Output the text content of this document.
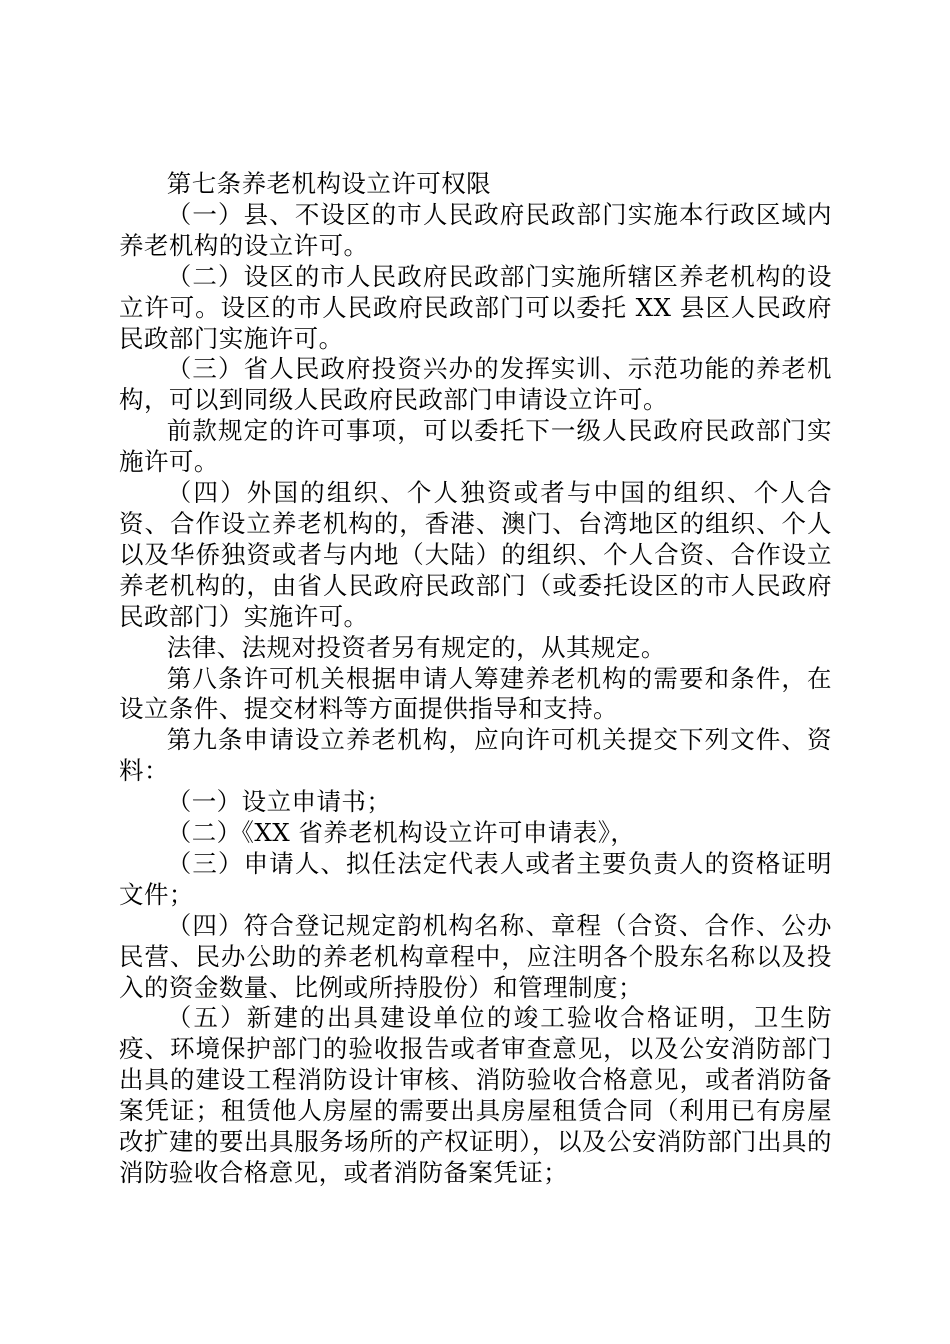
第七条养老机构设立许可权限

（一）县、不设区的市人民政府民政部门实施本行政区域内养老机构的设立许可。

（二）设区的市人民政府民政部门实施所辖区养老机构的设立许可。设区的市人民政府民政部门可以委托 XX 县区人民政府民政部门实施许可。

（三）省人民政府投资兴办的发挥实训、示范功能的养老机构，可以到同级人民政府民政部门申请设立许可。

前款规定的许可事项，可以委托下一级人民政府民政部门实施许可。

（四）外国的组织、个人独资或者与中国的组织、个人合资、合作设立养老机构的，香港、澳门、台湾地区的组织、个人以及华侨独资或者与内地（大陆）的组织、个人合资、合作设立养老机构的，由省人民政府民政部门（或委托设区的市人民政府民政部门）实施许可。

法律、法规对投资者另有规定的，从其规定。

第八条许可机关根据申请人筹建养老机构的需要和条件，在设立条件、提交材料等方面提供指导和支持。

第九条申请设立养老机构，应向许可机关提交下列文件、资料：

（一）设立申请书；

（二）《XX 省养老机构设立许可申请表》，

（三）申请人、拟任法定代表人或者主要负责人的资格证明文件；

（四）符合登记规定韵机构名称、章程（合资、合作、公办民营、民办公助的养老机构章程中，应注明各个股东名称以及投入的资金数量、比例或所持股份）和管理制度；

（五）新建的出具建设单位的竣工验收合格证明，卫生防疫、环境保护部门的验收报告或者审查意见，以及公安消防部门出具的建设工程消防设计审核、消防验收合格意见，或者消防备案凭证；租赁他人房屋的需要出具房屋租赁合同（利用已有房屋改扩建的要出具服务场所的产权证明），以及公安消防部门出具的消防验收合格意见，或者消防备案凭证；
